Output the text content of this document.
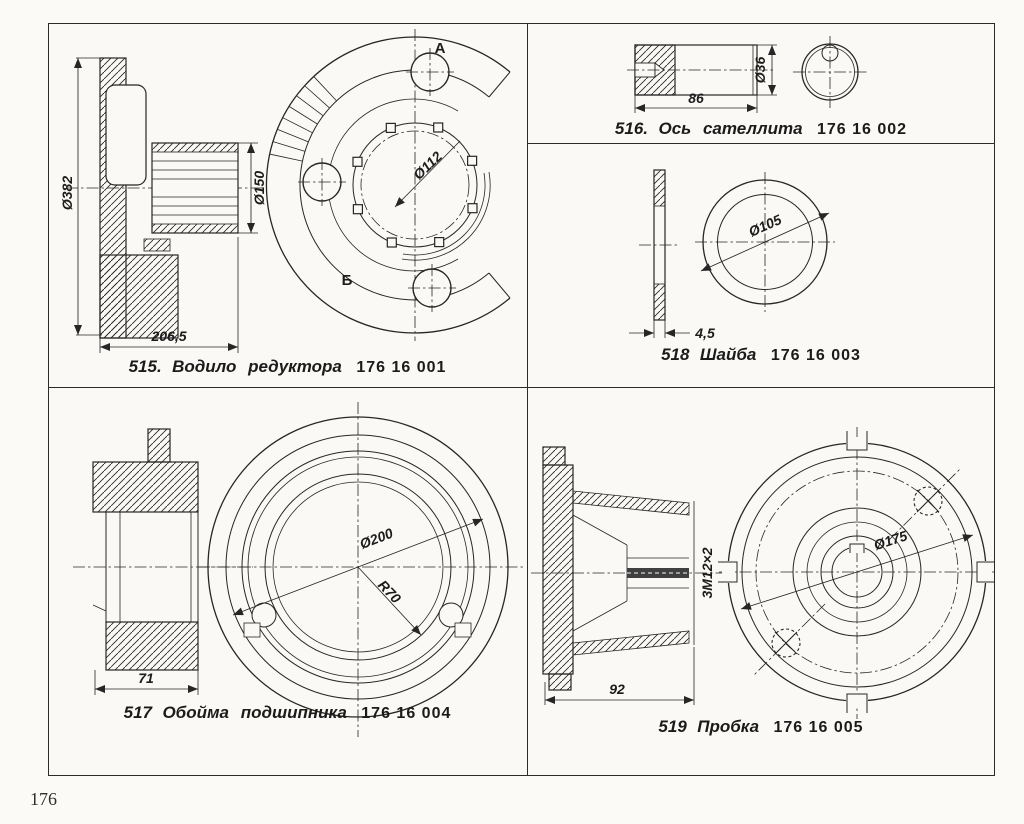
Ø382	Ø150
206,5
Ø112
А
Б
515. Водило редуктора 176 16 001
86
Ø36
516. Ось сателлита 176 16 002
4,5
Ø105
518 Шайба 176 16 003
71
Ø200
R70
517 Обойма подшипника 176 16 004
92
3M12×2
Ø175
519 Пробка 176 16 005
176
